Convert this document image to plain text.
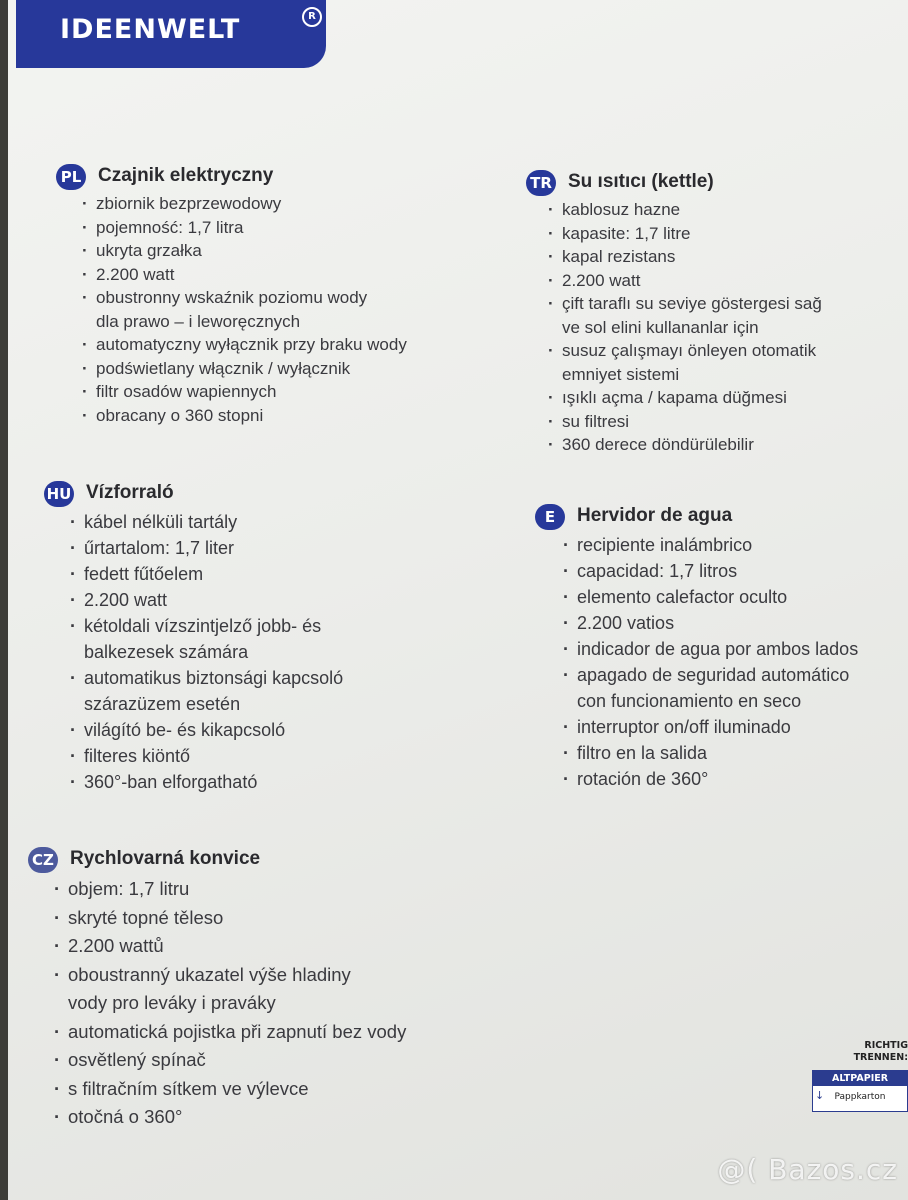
IDEENWELT	R
PL Czajnik elektryczny
· zbiornik bezprzewodowy
· pojemność: 1,7 litra
· ukryta grzałka
· 2.200 watt
· obustronny wskaźnik poziomu wody
dla prawo – i leworęcznych
· automatyczny wyłącznik przy braku wody
· podświetlany włącznik / wyłącznik
· filtr osadów wapiennych
· obracany o 360 stopni
TR Su ısıtıcı (kettle)
· kablosuz hazne
· kapasite: 1,7 litre
· kapal rezistans
· 2.200 watt
· çift taraflı su seviye göstergesi sağ
ve sol elini kullananlar için
· susuz çalışmayı önleyen otomatik
emniyet sistemi
· ışıklı açma / kapama düğmesi
· su filtresi
· 360 derece döndürülebilir
HU Vízforraló
· kábel nélküli tartály
· űrtartalom: 1,7 liter
· fedett fűtőelem
· 2.200 watt
· kétoldali vízszintjelző jobb- és
balkezesek számára
· automatikus biztonsági kapcsoló
szárazüzem esetén
· világító be- és kikapcsoló
· filteres kiöntő
· 360°-ban elforgatható
E	Hervidor de agua
· recipiente inalámbrico
· capacidad: 1,7 litros
· elemento calefactor oculto
· 2.200 vatios
· indicador de agua por ambos lados
· apagado de seguridad automático
con funcionamiento en seco
· interruptor on/off iluminado
· filtro en la salida
· rotación de 360°
CZ Rychlovarná konvice
· objem: 1,7 litru
· skryté topné těleso
· 2.200 wattů
· oboustranný ukazatel výše hladiny
vody pro leváky i praváky
· automatická pojistka při zapnutí bez vody
· osvětlený spínač
· s filtračním sítkem ve výlevce
· otočná o 360°
RICHTIG
TRENNEN:
ALTPAPIER
↓	Pappkarton
@( Bazos.cz
